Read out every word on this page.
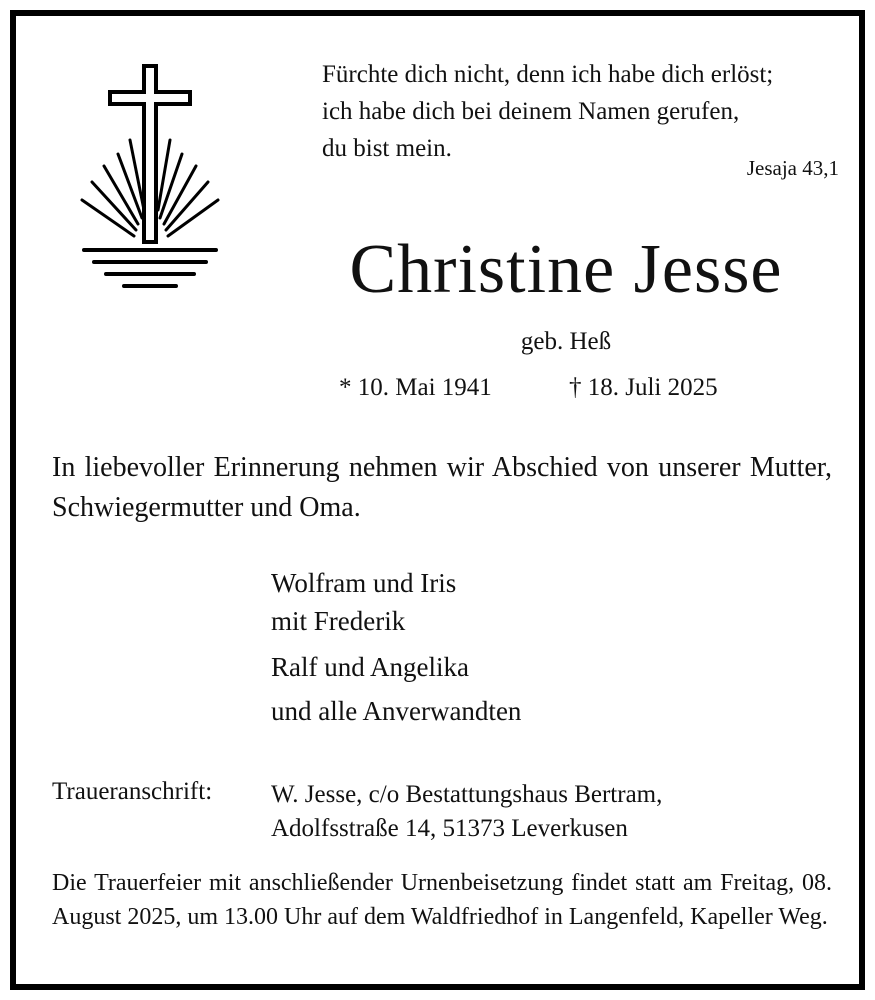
Fürchte dich nicht, denn ich habe dich erlöst;
ich habe dich bei deinem Namen gerufen,
du bist mein.
Jesaja 43,1
Christine Jesse
geb. Heß
* 10. Mai 1941	† 18. Juli 2025
In liebevoller Erinnerung nehmen wir Abschied von unserer Mutter, Schwiegermutter und Oma.
Wolfram und Iris
mit Frederik
Ralf und Angelika
und alle Anverwandten
Traueranschrift: W. Jesse, c/o Bestattungshaus Bertram,
Adolfsstraße 14, 51373 Leverkusen
Die Trauerfeier mit anschließender Urnenbeisetzung findet statt am Freitag, 08. August 2025, um 13.00 Uhr auf dem Waldfriedhof in Langenfeld, Kapeller Weg.
